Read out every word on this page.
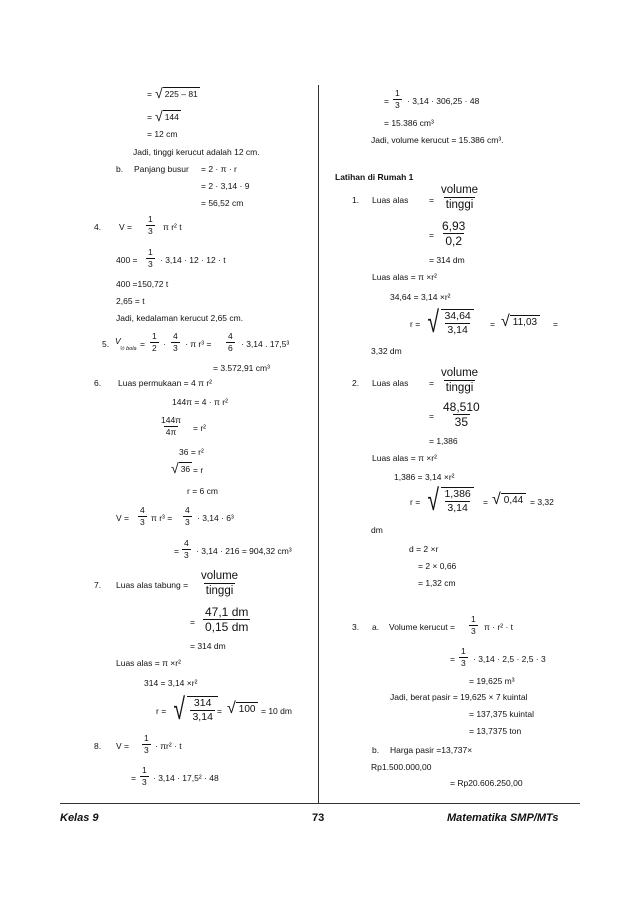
= √ 225 – 81
= √ 144
= 12 cm
Jadi, tinggi kerucut adalah 12 cm.
b. Panjang busur = 2 · π · r
= 2 · 3,14 · 9
= 56,52 cm
4. $V = \frac{1}{3}$ π r² t
$400 = \frac{1}{3} \cdot 3,14 \cdot 12 \cdot 12 \cdot t$
400 =150,72 t
2,65 = t
Jadi, kedalaman kerucut 2,65 cm.
5. V
½ bola = $\frac{1}{2} \cdot \frac{4}{3} \cdot \pi$ $r^3 = \frac{4}{6} \cdot 3,14$ . 17,5³
= 3.572,91 cm³
6. Luas permukaan = 4 π r²
144π = 4 · π r²
$\frac{144\pi}{4\pi} = r^2$
36 = r²
√ 36 = r
r = 6 cm
$V = \frac{4}{3}$ π $r^3 = \frac{4}{3} \cdot 3,14 \cdot 6^3$
= $\frac{4}{3} \cdot 3,14 \cdot 216 = 904,32$ cm³
7. Luas alas tabung =
volume
tinggi
= $\frac{47,1 dm}{0,15 dm}$
= 314 dm
Luas alas = π ×r²
314 = 3,14 ×r²
r = √ $\frac{314}{3,14}$ = √ 100 = 10 dm
8. $V = \frac{1}{3} \cdot \pi r^2 \cdot t$
= $\frac{1}{3} \cdot 3,14 \cdot 17,5^2 \cdot 48$
= $\frac{1}{3} \cdot 3,14 \cdot 306,25 \cdot 48$
= 15.386 cm³
Jadi, volume kerucut = 15.386 cm³.
Latihan di Rumah 1
1. Luas alas =
volume
tinggi
= $\frac{6,93}{0,2}$
= 314 dm
Luas alas = π ×r²
34,64 = 3,14 ×r²
r = √ $\frac{34,64}{3,14}$ = √ 11,03	=
3,32 dm
2. Luas alas =
volume
tinggi
= $\frac{48,510}{35}$
= 1,386
Luas alas = π ×r²
1,386 = 3,14 ×r²
r = √ $\frac{1,386}{3,14}$ = √ 0,44 = 3,32
dm
d = 2 ×r
= 2 × 0,66
= 1,32 cm
3. a. Volume kerucut = $\frac{1}{3}$ π · r² · t
= $\frac{1}{3} \cdot 3,14 \cdot 2,5 \cdot 2,5 \cdot 3$
= 19,625 m³
Jadi, berat pasir = 19,625 × 7 kuintal
= 137,375 kuintal
= 13,7375 ton
b. Harga pasir =13,737×
Rp1.500.000,00
= Rp20.606.250,00
Kelas 9	73	Matematika SMP/MTs
